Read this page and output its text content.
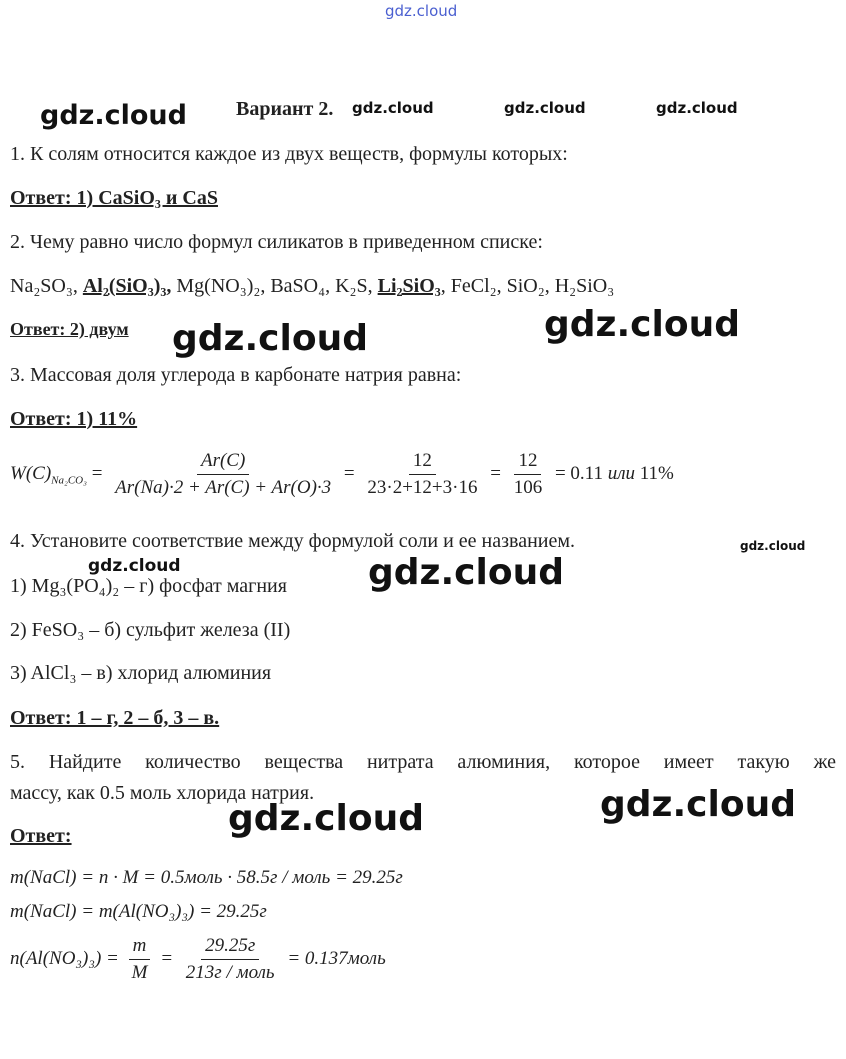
gdz.cloud
gdz.cloud Вариант 2. gdz.cloud	gdz.cloud	gdz.cloud
1. К солям относится каждое из двух веществ, формулы которых:
Ответ: 1) CaSiO₃ и CaS
2. Чему равно число формул силикатов в приведенном списке:
Na₂SO₃, Al₂(SiO₃)₃, Mg(NO₃)₂, BaSO₄, K₂S, Li₂SiO₃, FeCl₂, SiO₂, H₂SiO₃
Ответ: 2) двум gdz.cloud	gdz.cloud
3. Массовая доля углерода в карбонате натрия равна:
Ответ: 1) 11%
$W(C)_{Na_2CO_3} = \frac{Ar(C)}{Ar(Na)\cdot 2 + Ar(C) + Ar(O)\cdot 3} = \frac{12}{23\cdot 2+12+3\cdot 16} = \frac{12}{106} = 0.11$ или 11%
4. Установите соответствие между формулой соли и ее названием.	gdz.cloud
gdz.cloud
1) Mg₃(PO₄)₂ – г) фосфат магния gdz.cloud
2) FeSO₃ – б) сульфит железа (II)
3) AlCl₃ – в) хлорид алюминия
Ответ: 1 – г, 2 – б, 3 – в.
5. Найдите количество вещества нитрата алюминия, которое имеет такую же
массу, как 0.5 моль хлорида натрия.	gdz.cloud
Ответ:	gdz.cloud
m(NaCl) = n · M = 0.5моль · 58.5г / моль = 29.25г
m(NaCl) = m(Al(NO₃)₃) = 29.25г
$n(Al(NO_3)_3) = \frac{m}{M} = \frac{29.25г}{\text{213г / моль}}$ = 0.137моль
